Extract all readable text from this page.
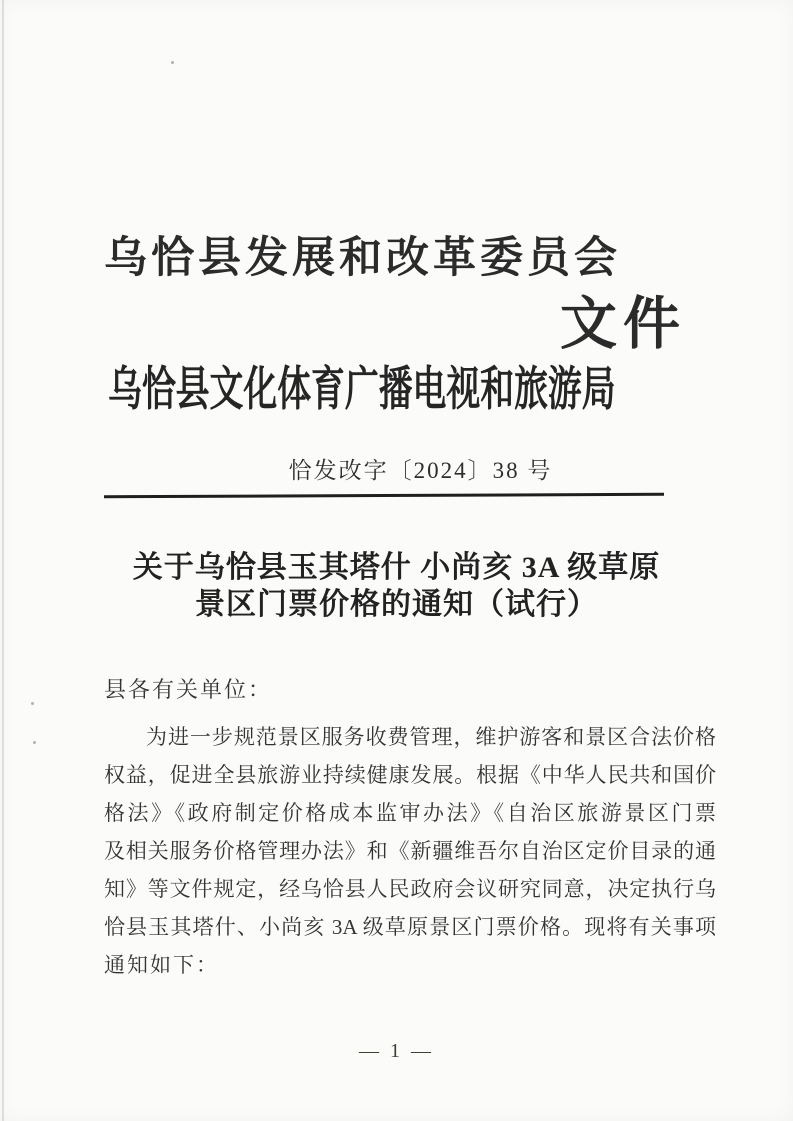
乌恰县发展和改革委员会
文件
乌恰县文化体育广播电视和旅游局
恰发改字〔2024〕38 号
关于乌恰县玉其塔什 小尚亥 3A 级草原
景区门票价格的通知（试行）
县各有关单位：
为进一步规范景区服务收费管理，维护游客和景区合法价格
权益，促进全县旅游业持续健康发展。根据《中华人民共和国价
格法》《政府制定价格成本监审办法》《自治区旅游景区门票
及相关服务价格管理办法》和《新疆维吾尔自治区定价目录的通
知》等文件规定，经乌恰县人民政府会议研究同意，决定执行乌
恰县玉其塔什、小尚亥 3A 级草原景区门票价格。现将有关事项
通知如下：
— 1 —
